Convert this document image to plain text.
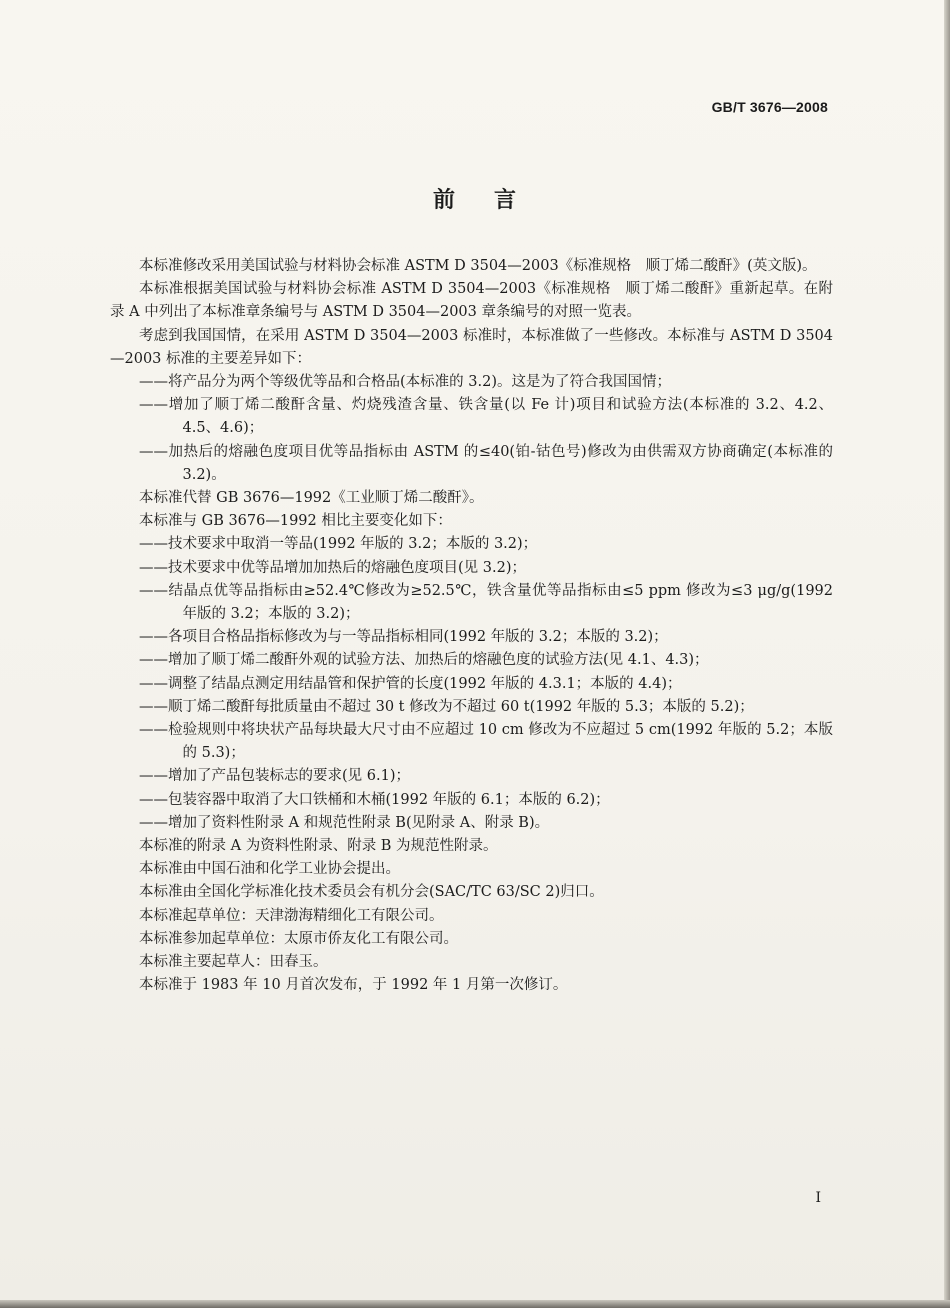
GB/T 3676—2008
前 言
本标准修改采用美国试验与材料协会标准 ASTM D 3504—2003《标准规格　顺丁烯二酸酐》(英文版)。
本标准根据美国试验与材料协会标准 ASTM D 3504—2003《标准规格　顺丁烯二酸酐》重新起草。在附录 A 中列出了本标准章条编号与 ASTM D 3504—2003 章条编号的对照一览表。
考虑到我国国情，在采用 ASTM D 3504—2003 标准时，本标准做了一些修改。本标准与 ASTM D 3504—2003 标准的主要差异如下：
——将产品分为两个等级优等品和合格品(本标准的 3.2)。这是为了符合我国国情；
——增加了顺丁烯二酸酐含量、灼烧残渣含量、铁含量(以 Fe 计)项目和试验方法(本标准的 3.2、4.2、4.5、4.6)；
——加热后的熔融色度项目优等品指标由 ASTM 的≤40(铂-钴色号)修改为由供需双方协商确定(本标准的 3.2)。
本标准代替 GB 3676—1992《工业顺丁烯二酸酐》。
本标准与 GB 3676—1992 相比主要变化如下：
——技术要求中取消一等品(1992 年版的 3.2；本版的 3.2)；
——技术要求中优等品增加加热后的熔融色度项目(见 3.2)；
——结晶点优等品指标由≥52.4℃修改为≥52.5℃，铁含量优等品指标由≤5 ppm 修改为≤3 μg/g(1992 年版的 3.2；本版的 3.2)；
——各项目合格品指标修改为与一等品指标相同(1992 年版的 3.2；本版的 3.2)；
——增加了顺丁烯二酸酐外观的试验方法、加热后的熔融色度的试验方法(见 4.1、4.3)；
——调整了结晶点测定用结晶管和保护管的长度(1992 年版的 4.3.1；本版的 4.4)；
——顺丁烯二酸酐每批质量由不超过 30 t 修改为不超过 60 t(1992 年版的 5.3；本版的 5.2)；
——检验规则中将块状产品每块最大尺寸由不应超过 10 cm 修改为不应超过 5 cm(1992 年版的 5.2；本版的 5.3)；
——增加了产品包装标志的要求(见 6.1)；
——包装容器中取消了大口铁桶和木桶(1992 年版的 6.1；本版的 6.2)；
——增加了资料性附录 A 和规范性附录 B(见附录 A、附录 B)。
本标准的附录 A 为资料性附录、附录 B 为规范性附录。
本标准由中国石油和化学工业协会提出。
本标准由全国化学标准化技术委员会有机分会(SAC/TC 63/SC 2)归口。
本标准起草单位：天津渤海精细化工有限公司。
本标准参加起草单位：太原市侨友化工有限公司。
本标准主要起草人：田春玉。
本标准于 1983 年 10 月首次发布，于 1992 年 1 月第一次修订。
I
